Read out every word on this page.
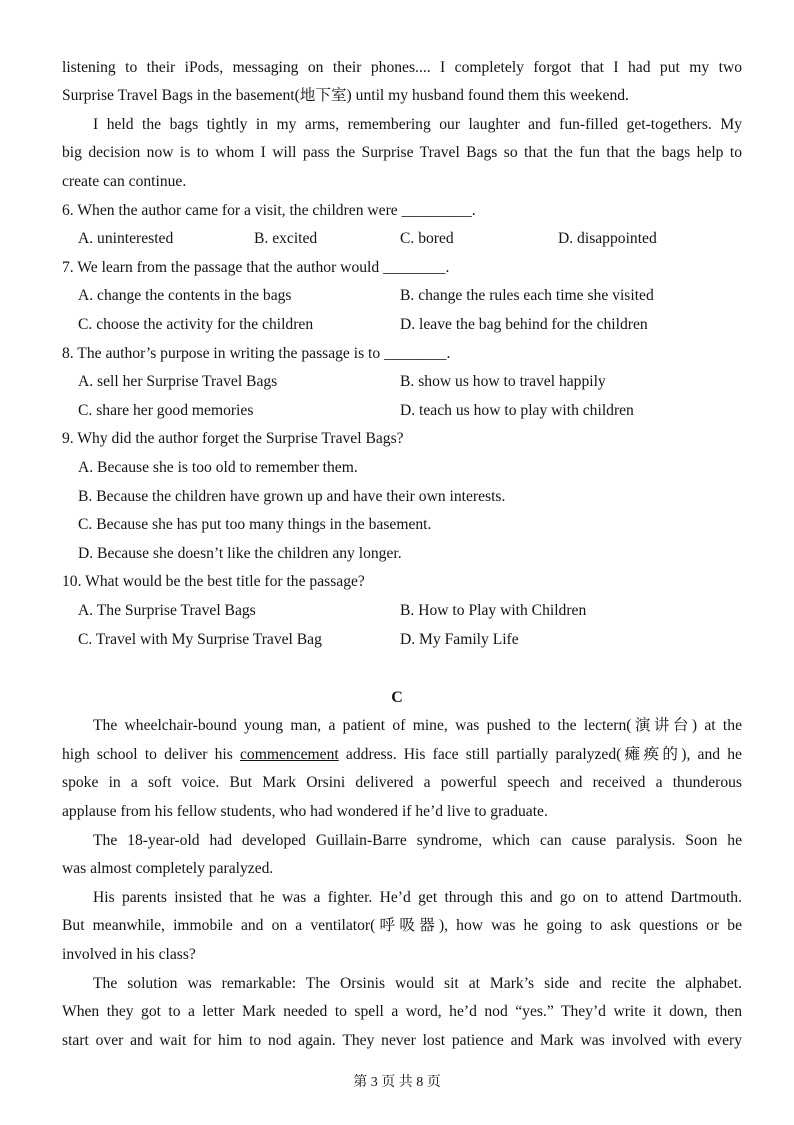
listening to their iPods, messaging on their phones.... I completely forgot that I had put my two
Surprise Travel Bags in the basement(地下室) until my husband found them this weekend.
I held the bags tightly in my arms, remembering our laughter and fun-filled get-togethers. My
big decision now is to whom I will pass the Surprise Travel Bags so that the fun that the bags help to
create can continue.
6. When the author came for a visit, the children were _________.
A. uninterested	B. excited	C. bored	D. disappointed
7. We learn from the passage that the author would ________.
A. change the contents in the bags	B. change the rules each time she visited
C. choose the activity for the children	D. leave the bag behind for the children
8. The author’s purpose in writing the passage is to ________.
A. sell her Surprise Travel Bags	B. show us how to travel happily
C. share her good memories	D. teach us how to play with children
9. Why did the author forget the Surprise Travel Bags?
A. Because she is too old to remember them.
B. Because the children have grown up and have their own interests.
C. Because she has put too many things in the basement.
D. Because she doesn’t like the children any longer.
10. What would be the best title for the passage?
A. The Surprise Travel Bags	B. How to Play with Children
C. Travel with My Surprise Travel Bag	D. My Family Life
C
The wheelchair-bound young man, a patient of mine, was pushed to the lectern(演讲台) at the
high school to deliver his commencement address. His face still partially paralyzed(瘫痪的), and he
spoke in a soft voice. But Mark Orsini delivered a powerful speech and received a thunderous
applause from his fellow students, who had wondered if he’d live to graduate.
The 18-year-old had developed Guillain-Barre syndrome, which can cause paralysis. Soon he
was almost completely paralyzed.
His parents insisted that he was a fighter. He’d get through this and go on to attend Dartmouth.
But meanwhile, immobile and on a ventilator(呼吸器), how was he going to ask questions or be
involved in his class?
The solution was remarkable: The Orsinis would sit at Mark’s side and recite the alphabet.
When they got to a letter Mark needed to spell a word, he’d nod “yes.” They’d write it down, then
start over and wait for him to nod again. They never lost patience and Mark was involved with every
第 3 页 共 8 页
